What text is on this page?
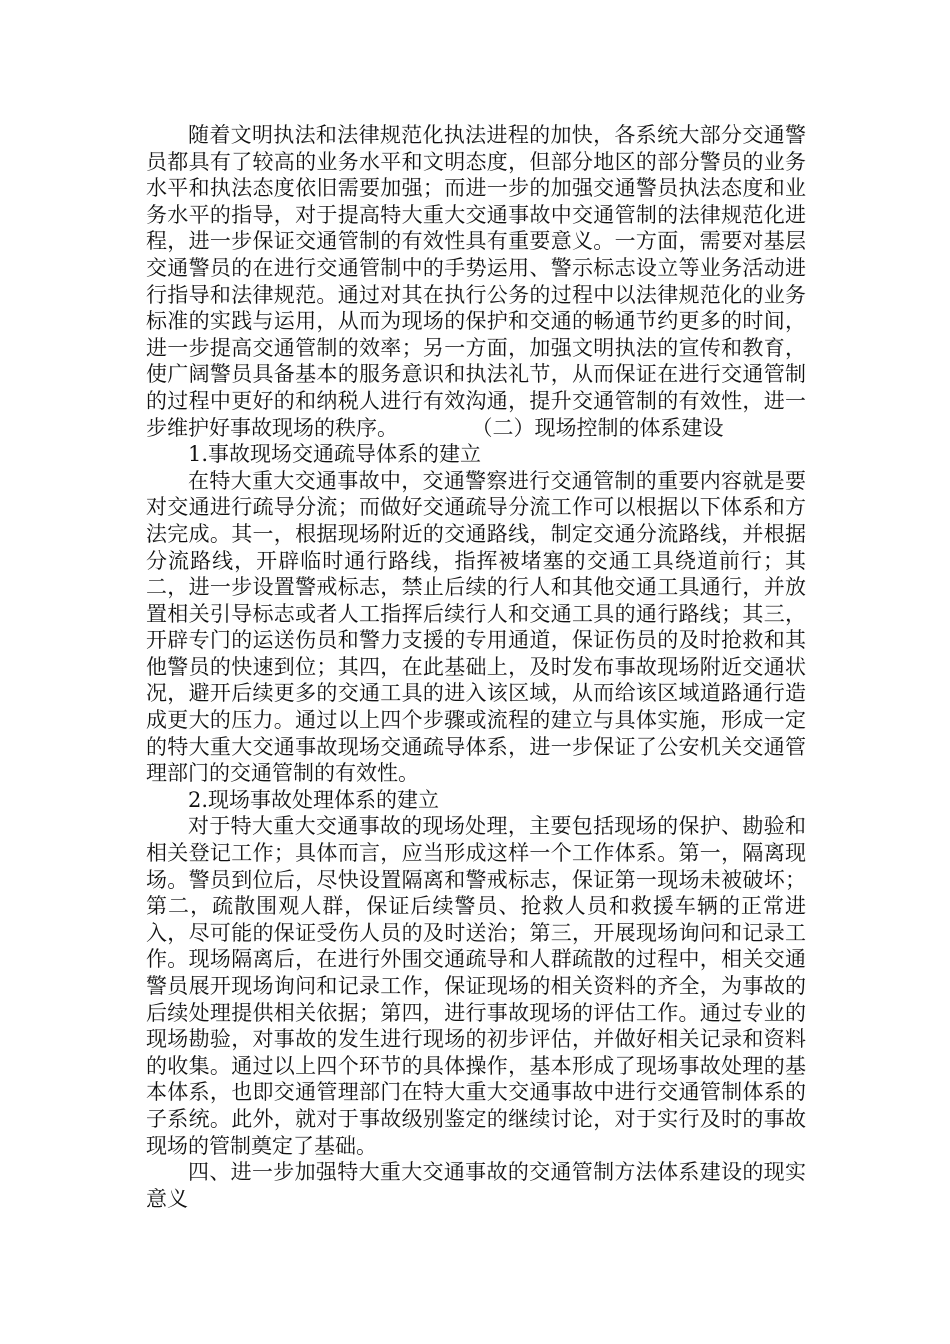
随着文明执法和法律规范化执法进程的加快，各系统大部分交通警员都具有了较高的业务水平和文明态度，但部分地区的部分警员的业务水平和执法态度依旧需要加强；而进一步的加强交通警员执法态度和业务水平的指导，对于提高特大重大交通事故中交通管制的法律规范化进程，进一步保证交通管制的有效性具有重要意义。一方面，需要对基层交通警员的在进行交通管制中的手势运用、警示标志设立等业务活动进行指导和法律规范。通过对其在执行公务的过程中以法律规范化的业务标准的实践与运用，从而为现场的保护和交通的畅通节约更多的时间，进一步提高交通管制的效率；另一方面，加强文明执法的宣传和教育，使广阔警员具备基本的服务意识和执法礼节，从而保证在进行交通管制的过程中更好的和纳税人进行有效沟通，提升交通管制的有效性，进一步维护好事故现场的秩序。	（二）现场控制的体系建设

1.事故现场交通疏导体系的建立

在特大重大交通事故中，交通警察进行交通管制的重要内容就是要对交通进行疏导分流；而做好交通疏导分流工作可以根据以下体系和方法完成。其一，根据现场附近的交通路线，制定交通分流路线，并根据分流路线，开辟临时通行路线，指挥被堵塞的交通工具绕道前行；其二，进一步设置警戒标志，禁止后续的行人和其他交通工具通行，并放置相关引导标志或者人工指挥后续行人和交通工具的通行路线；其三，开辟专门的运送伤员和警力支援的专用通道，保证伤员的及时抢救和其他警员的快速到位；其四，在此基础上，及时发布事故现场附近交通状况，避开后续更多的交通工具的进入该区域，从而给该区域道路通行造成更大的压力。通过以上四个步骤或流程的建立与具体实施，形成一定的特大重大交通事故现场交通疏导体系，进一步保证了公安机关交通管理部门的交通管制的有效性。

2.现场事故处理体系的建立

对于特大重大交通事故的现场处理，主要包括现场的保护、勘验和相关登记工作；具体而言，应当形成这样一个工作体系。第一，隔离现场。警员到位后，尽快设置隔离和警戒标志，保证第一现场未被破坏；第二，疏散围观人群，保证后续警员、抢救人员和救援车辆的正常进入，尽可能的保证受伤人员的及时送治；第三，开展现场询问和记录工作。现场隔离后，在进行外围交通疏导和人群疏散的过程中，相关交通警员展开现场询问和记录工作，保证现场的相关资料的齐全，为事故的后续处理提供相关依据；第四，进行事故现场的评估工作。通过专业的现场勘验，对事故的发生进行现场的初步评估，并做好相关记录和资料的收集。通过以上四个环节的具体操作，基本形成了现场事故处理的基本体系，也即交通管理部门在特大重大交通事故中进行交通管制体系的子系统。此外，就对于事故级别鉴定的继续讨论，对于实行及时的事故现场的管制奠定了基础。

四、进一步加强特大重大交通事故的交通管制方法体系建设的现实意义
